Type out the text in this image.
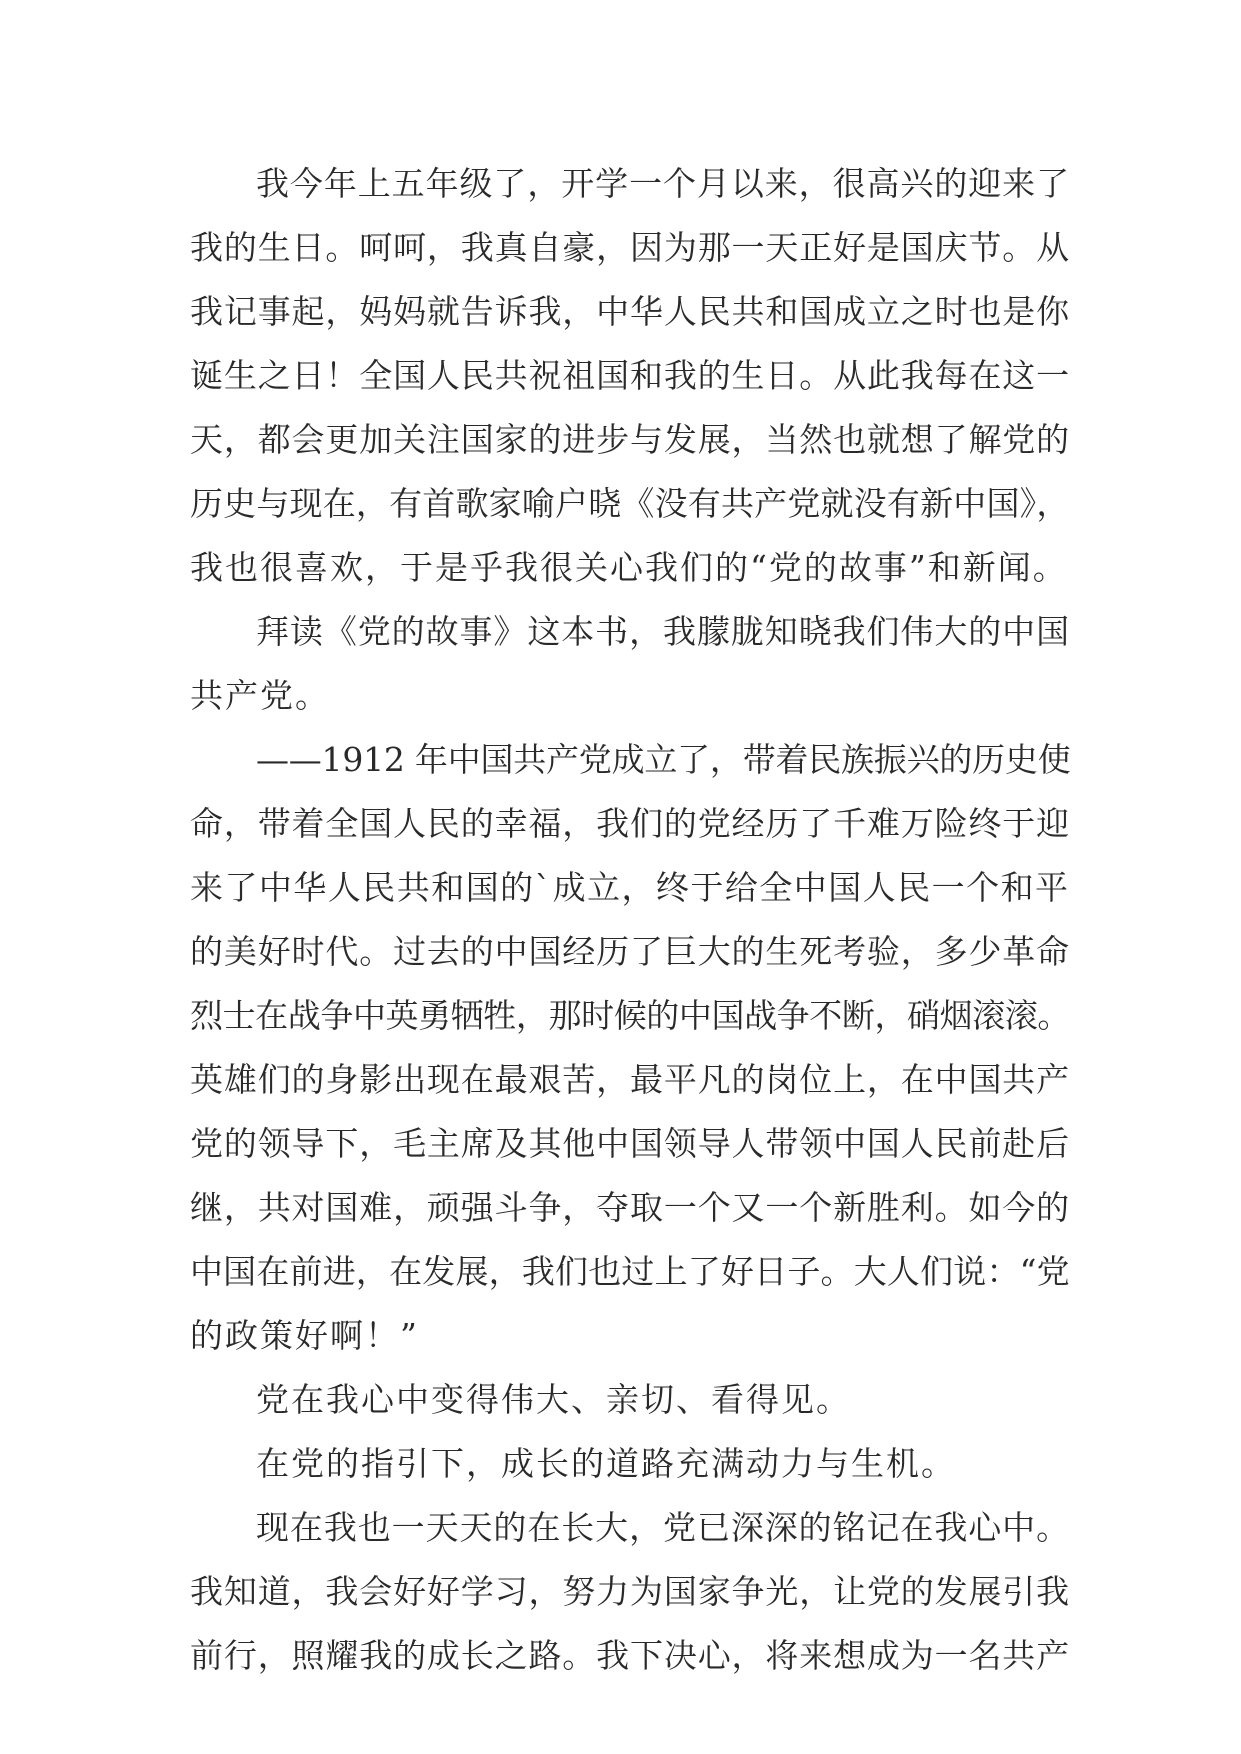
我今年上五年级了，开学一个月以来，很高兴的迎来了
我的生日。呵呵，我真自豪，因为那一天正好是国庆节。从
我记事起，妈妈就告诉我，中华人民共和国成立之时也是你
诞生之日！全国人民共祝祖国和我的生日。从此我每在这一
天，都会更加关注国家的进步与发展，当然也就想了解党的
历史与现在，有首歌家喻户晓《没有共产党就没有新中国》，
我也很喜欢，于是乎我很关心我们的“党的故事”和新闻。
拜读《党的故事》这本书，我朦胧知晓我们伟大的中国
共产党。
——1912 年中国共产党成立了，带着民族振兴的历史使
命，带着全国人民的幸福，我们的党经历了千难万险终于迎
来了中华人民共和国的`成立，终于给全中国人民一个和平
的美好时代。过去的中国经历了巨大的生死考验，多少革命
烈士在战争中英勇牺牲，那时候的中国战争不断，硝烟滚滚。
英雄们的身影出现在最艰苦，最平凡的岗位上，在中国共产
党的领导下，毛主席及其他中国领导人带领中国人民前赴后
继，共对国难，顽强斗争，夺取一个又一个新胜利。如今的
中国在前进，在发展，我们也过上了好日子。大人们说：“党
的政策好啊！”
党在我心中变得伟大、亲切、看得见。
在党的指引下，成长的道路充满动力与生机。
现在我也一天天的在长大，党已深深的铭记在我心中。
我知道，我会好好学习，努力为国家争光，让党的发展引我
前行，照耀我的成长之路。我下决心，将来想成为一名共产
